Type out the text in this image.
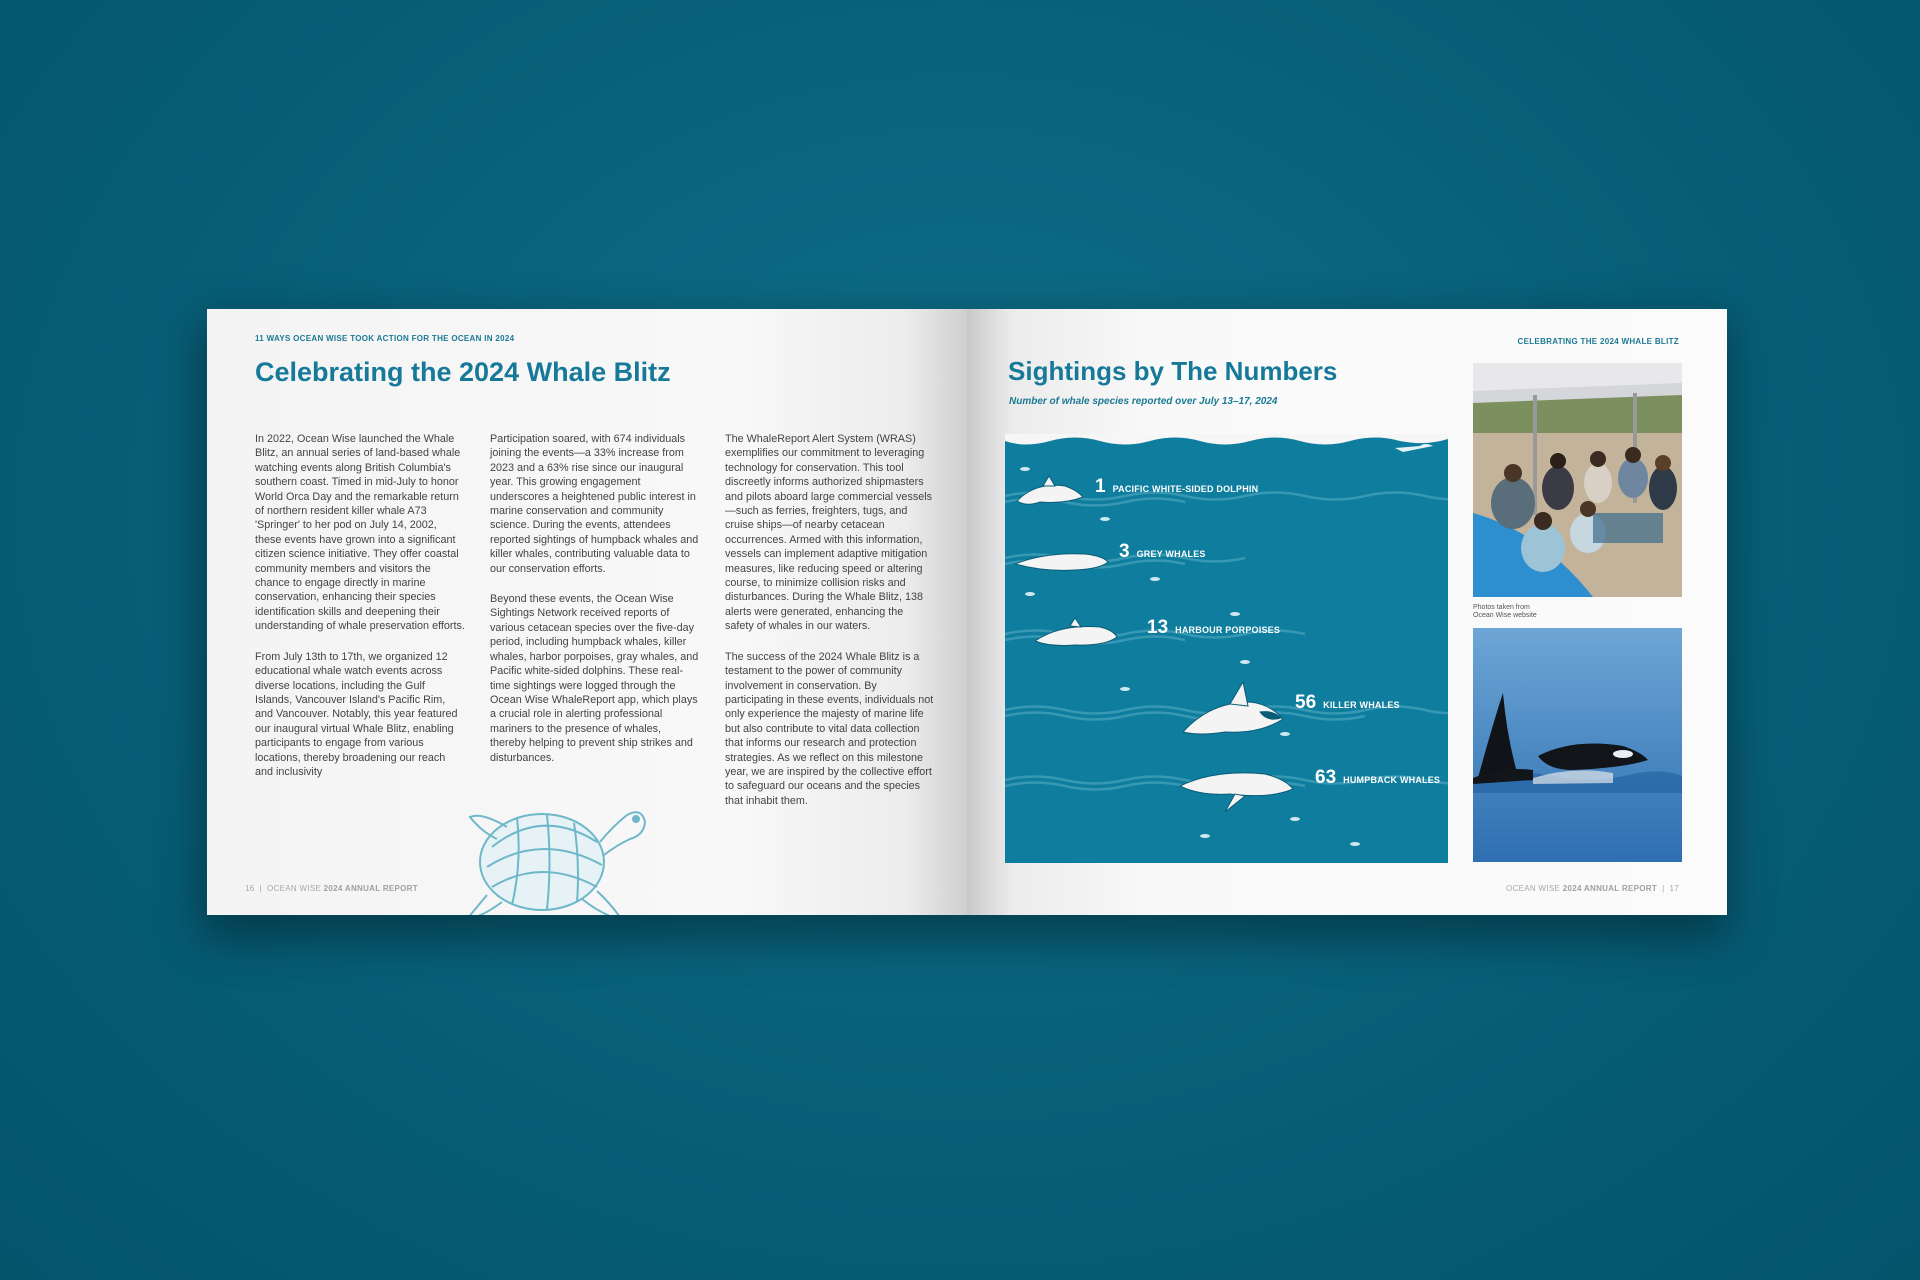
11 WAYS OCEAN WISE TOOK ACTION FOR THE OCEAN IN 2024
Celebrating the 2024 Whale Blitz

In 2022, Ocean Wise launched the Whale Blitz, an annual series of land-based whale watching events along British Columbia's southern coast. Timed in mid-July to honor World Orca Day and the remarkable return of northern resident killer whale A73 'Springer' to her pod on July 14, 2002, these events have grown into a significant citizen science initiative. They offer coastal community members and visitors the chance to engage directly in marine conservation, enhancing their species identification skills and deepening their understanding of whale preservation efforts.

From July 13th to 17th, we organized 12 educational whale watch events across diverse locations, including the Gulf Islands, Vancouver Island's Pacific Rim, and Vancouver. Notably, this year featured our inaugural virtual Whale Blitz, enabling participants to engage from various locations, thereby broadening our reach and inclusivity

Participation soared, with 674 individuals joining the events—a 33% increase from 2023 and a 63% rise since our inaugural year. This growing engagement underscores a heightened public interest in marine conservation and community science. During the events, attendees reported sightings of humpback whales and killer whales, contributing valuable data to our conservation efforts.

Beyond these events, the Ocean Wise Sightings Network received reports of various cetacean species over the five-day period, including humpback whales, killer whales, harbor porpoises, gray whales, and Pacific white-sided dolphins. These real-time sightings were logged through the Ocean Wise WhaleReport app, which plays a crucial role in alerting professional mariners to the presence of whales, thereby helping to prevent ship strikes and disturbances.

The WhaleReport Alert System (WRAS) exemplifies our commitment to leveraging technology for conservation. This tool discreetly informs authorized shipmasters and pilots aboard large commercial vessels—such as ferries, freighters, tugs, and cruise ships—of nearby cetacean occurrences. Armed with this information, vessels can implement adaptive mitigation measures, like reducing speed or altering course, to minimize collision risks and disturbances. During the Whale Blitz, 138 alerts were generated, enhancing the safety of whales in our waters.

The success of the 2024 Whale Blitz is a testament to the power of community involvement in conservation. By participating in these events, individuals not only experience the majesty of marine life but also contribute to vital data collection that informs our research and protection strategies. As we reflect on this milestone year, we are inspired by the collective effort to safeguard our oceans and the species that inhabit them.

16 | OCEAN WISE 2024 ANNUAL REPORT
CELEBRATING THE 2024 WHALE BLITZ
Sightings by The Numbers
Number of whale species reported over July 13–17, 2024
1 PACIFIC WHITE-SIDED DOLPHIN
3 GREY WHALES
13 HARBOUR PORPOISES
56 KILLER WHALES
63 HUMPBACK WHALES
Photos taken from
Ocean Wise website
OCEAN WISE 2024 ANNUAL REPORT | 17
